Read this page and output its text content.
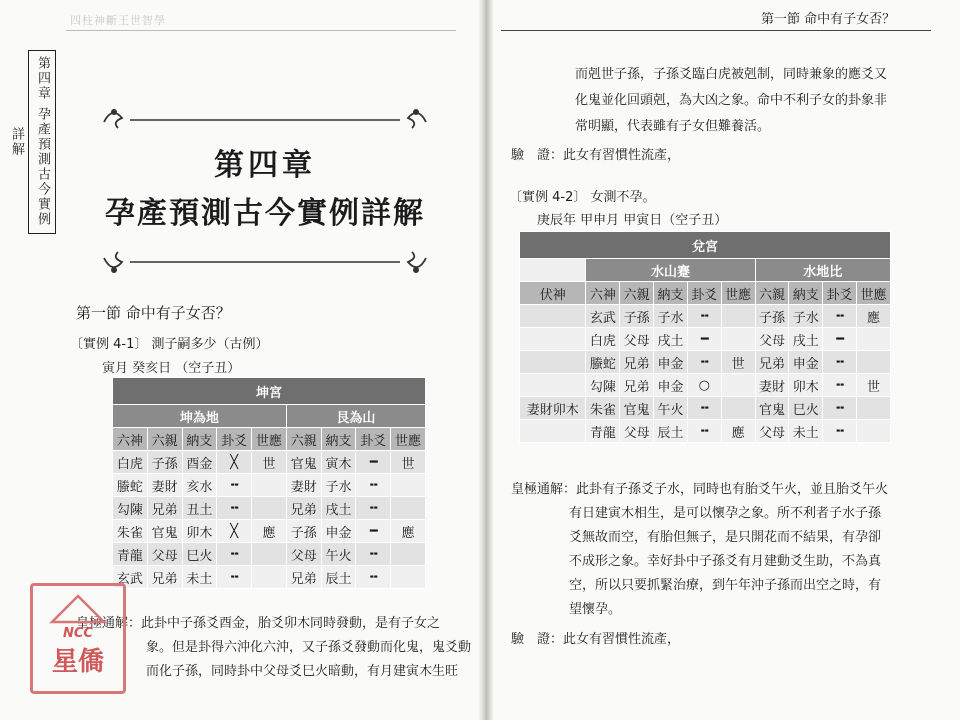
四柱神斷王世智學
第四章 孕產預測古今實例詳解
第四章
孕產預測古今實例詳解
第一節 命中有子女否？
〔實例 4-1〕 測子嗣多少（古例）
寅月 癸亥日 （空子丑）
坤宮								
坤為地					艮為山			
六神	六親	納支	卦爻	世應	六親	納支	卦爻	世應
白虎	子孫	酉金	╳	世	官鬼	寅木	━	世
螣蛇	妻財	亥水	╍		妻財	子水	╍	
勾陳	兄弟	丑土	╍		兄弟	戌土	╍	
朱雀	官鬼	卯木	╳	應	子孫	申金	━	應
青龍	父母	巳火	╍		父母	午火	╍	
玄武	兄弟	未土	╍		兄弟	辰土	╍	
皇極通解：此卦中子孫爻酉金，胎爻卯木同時發動，是有子女之
象。但是卦得六沖化六沖，又子孫爻發動而化鬼，鬼爻動
而化子孫，同時卦中父母爻巳火暗動，有月建寅木生旺
NCC
星僑
第一節 命中有子女否？
而剋世子孫，子孫爻臨白虎被剋制，同時兼象的應爻又
化鬼並化回頭剋，為大凶之象。命中不利子女的卦象非
常明顯，代表雖有子女但難養活。
驗　證：此女有習慣性流產，
〔實例 4-2〕 女測不孕。
庚辰年 甲申月 甲寅日（空子丑）
兌宮									
	水山蹇					水地比			
伏神	六神	六親	納支	卦爻	世應	六親	納支	卦爻	世應
	玄武	子孫	子水	╍		子孫	子水	╍	應
	白虎	父母	戌土	━		父母	戌土	━	
	螣蛇	兄弟	申金	╍	世	兄弟	申金	╍	
	勾陳	兄弟	申金	○		妻財	卯木	╍	世
妻財卯木	朱雀	官鬼	午火	╍		官鬼	巳火	╍	
	青龍	父母	辰土	╍	應	父母	未土	╍	
皇極通解：此卦有子孫爻子水，同時也有胎爻午火，並且胎爻午火
有日建寅木相生，是可以懷孕之象。所不利者子水子孫
爻無故而空，有胎但無子，是只開花而不結果，有孕卻
不成形之象。幸好卦中子孫爻有月建動爻生助，不為真
空，所以只要抓緊治療，到午年沖子孫而出空之時，有
望懷孕。
驗　證：此女有習慣性流產，
